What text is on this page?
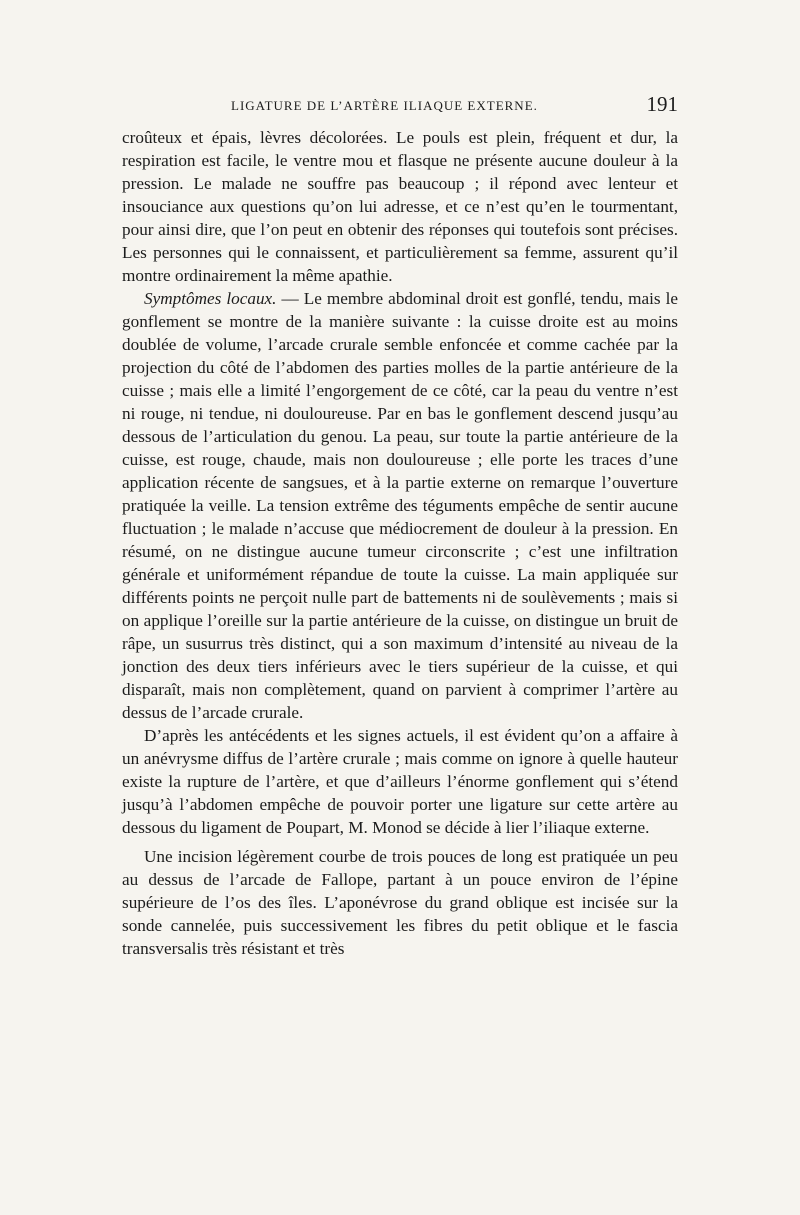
LIGATURE DE L’ARTÈRE ILIAQUE EXTERNE.	191

croûteux et épais, lèvres décolorées. Le pouls est plein, fréquent et dur, la respiration est facile, le ventre mou et flasque ne présente aucune douleur à la pression. Le malade ne souffre pas beaucoup ; il répond avec lenteur et insouciance aux questions qu’on lui adresse, et ce n’est qu’en le tourmentant, pour ainsi dire, que l’on peut en obtenir des réponses qui toutefois sont précises. Les personnes qui le connaissent, et particulièrement sa femme, assurent qu’il montre ordinairement la même apathie.

Symptômes locaux. — Le membre abdominal droit est gonflé, tendu, mais le gonflement se montre de la manière suivante : la cuisse droite est au moins doublée de volume, l’arcade crurale semble enfoncée et comme cachée par la projection du côté de l’abdomen des parties molles de la partie antérieure de la cuisse ; mais elle a limité l’engorgement de ce côté, car la peau du ventre n’est ni rouge, ni tendue, ni douloureuse. Par en bas le gonflement descend jusqu’au dessous de l’articulation du genou. La peau, sur toute la partie antérieure de la cuisse, est rouge, chaude, mais non douloureuse ; elle porte les traces d’une application récente de sangsues, et à la partie externe on remarque l’ouverture pratiquée la veille. La tension extrême des téguments empêche de sentir aucune fluctuation ; le malade n’accuse que médiocrement de douleur à la pression. En résumé, on ne distingue aucune tumeur circonscrite ; c’est une infiltration générale et uniformément répandue de toute la cuisse. La main appliquée sur différents points ne perçoit nulle part de battements ni de soulèvements ; mais si on applique l’oreille sur la partie antérieure de la cuisse, on distingue un bruit de râpe, un susurrus très distinct, qui a son maximum d’intensité au niveau de la jonction des deux tiers inférieurs avec le tiers supérieur de la cuisse, et qui disparaît, mais non complètement, quand on parvient à comprimer l’artère au dessus de l’arcade crurale.

D’après les antécédents et les signes actuels, il est évident qu’on a affaire à un anévrysme diffus de l’artère crurale ; mais comme on ignore à quelle hauteur existe la rupture de l’artère, et que d’ailleurs l’énorme gonflement qui s’étend jusqu’à l’abdomen empêche de pouvoir porter une ligature sur cette artère au dessous du ligament de Poupart, M. Monod se décide à lier l’iliaque externe.

Une incision légèrement courbe de trois pouces de long est pratiquée un peu au dessus de l’arcade de Fallope, partant à un pouce environ de l’épine supérieure de l’os des îles. L’aponévrose du grand oblique est incisée sur la sonde cannelée, puis successivement les fibres du petit oblique et le fascia transversalis très résistant et très
